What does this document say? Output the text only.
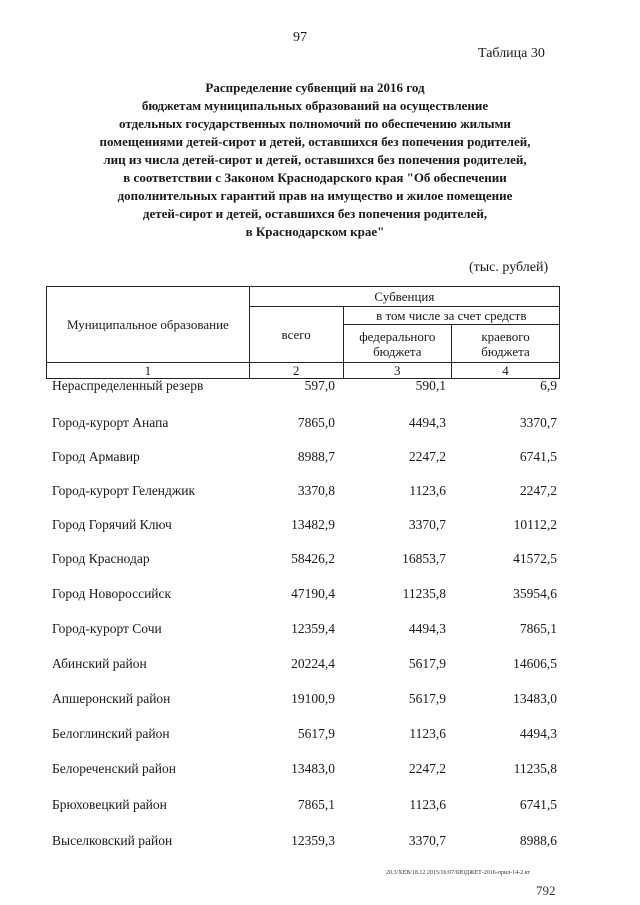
97
Таблица 30
Распределение субвенций на 2016 год
бюджетам муниципальных образований на осуществление
отдельных государственных полномочий по обеспечению жилыми
помещениями детей-сирот и детей, оставшихся без попечения родителей,
лиц из числа детей-сирот и детей, оставшихся без попечения родителей,
в соответствии с Законом Краснодарского края "Об обеспечении
дополнительных гарантий прав на имущество и жилое помещение
детей-сирот и детей, оставшихся без попечения родителей,
в Краснодарском крае"
(тыс. рублей)
Муниципальное образование	Субвенция		
	всего	в том числе за счет средств	
		федерального бюджета	краевого бюджета
1	2	3	4
Нераспределенный резерв	597,0	590,1	6,9
Город-курорт Анапа	7865,0	4494,3	3370,7
Город Армавир	8988,7	2247,2	6741,5
Город-курорт Геленджик	3370,8	1123,6	2247,2
Город Горячий Ключ	13482,9	3370,7	10112,2
Город Краснодар	58426,2	16853,7	41572,5
Город Новороссийск	47190,4	11235,8	35954,6
Город-курорт Сочи	12359,4	4494,3	7865,1
Абинский район	20224,4	5617,9	14606,5
Апшеронский район	19100,9	5617,9	13483,0
Белоглинский район	5617,9	1123,6	4494,3
Белореченский район	13483,0	2247,2	11235,8
Брюховецкий район	7865,1	1123,6	6741,5
Выселковский район	12359,3	3370,7	8988,6
20.3/XEB/18.12 2015/16:07/БЮДЖЕТ-2016-прил-14-2 кт
792
